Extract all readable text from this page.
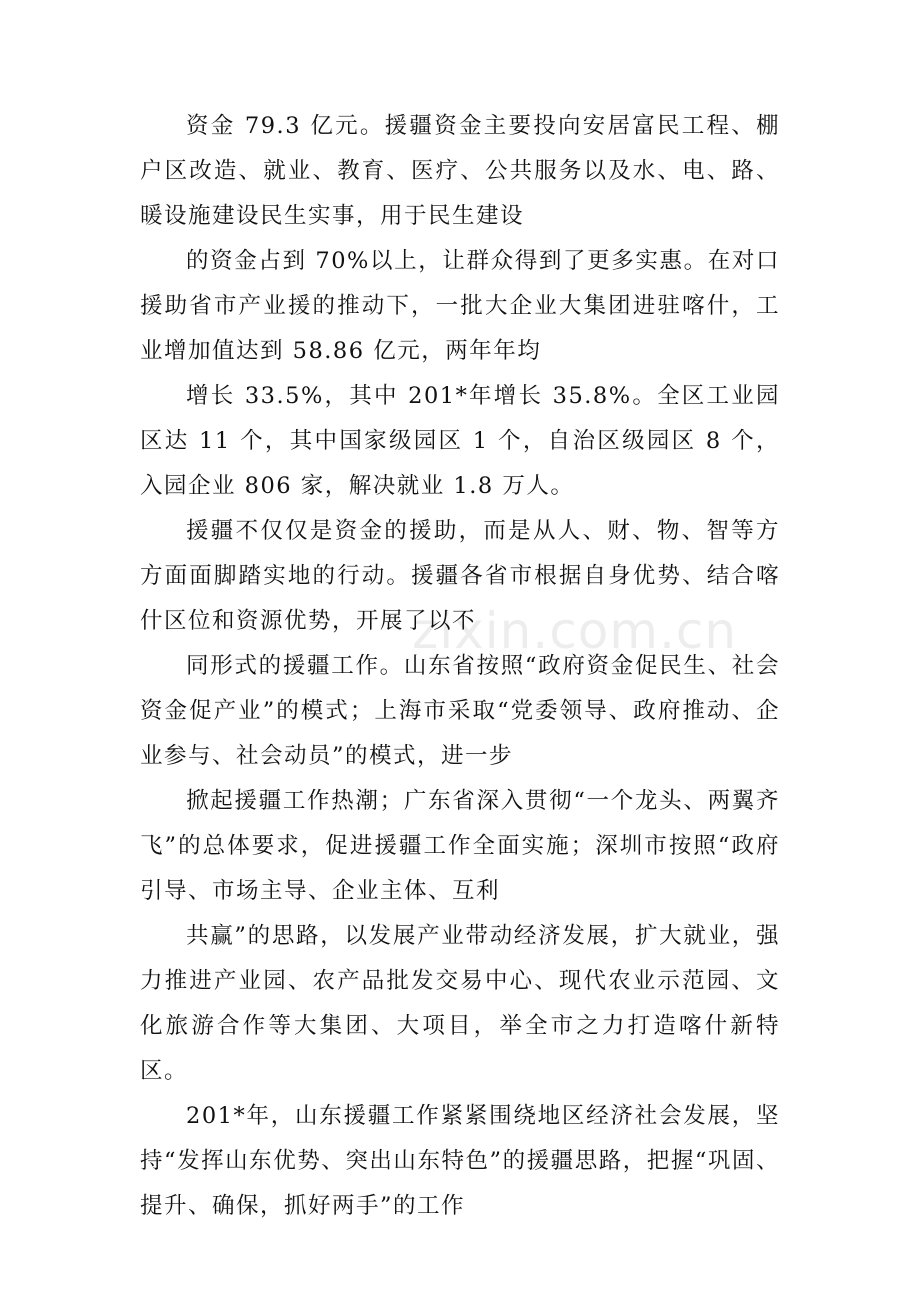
资金 79.3 亿元。援疆资金主要投向安居富民工程、棚户区改造、就业、教育、医疗、公共服务以及水、电、路、暖设施建设民生实事，用于民生建设

的资金占到 70%以上，让群众得到了更多实惠。在对口援助省市产业援的推动下，一批大企业大集团进驻喀什，工业增加值达到 58.86 亿元，两年年均

增长 33.5%，其中 201*年增长 35.8%。全区工业园区达 11 个，其中国家级园区 1 个，自治区级园区 8 个，入园企业 806 家，解决就业 1.8 万人。

援疆不仅仅是资金的援助，而是从人、财、物、智等方方面面脚踏实地的行动。援疆各省市根据自身优势、结合喀什区位和资源优势，开展了以不

同形式的援疆工作。山东省按照“政府资金促民生、社会资金促产业”的模式；上海市采取“党委领导、政府推动、企业参与、社会动员”的模式，进一步

掀起援疆工作热潮；广东省深入贯彻“一个龙头、两翼齐飞”的总体要求，促进援疆工作全面实施；深圳市按照“政府引导、市场主导、企业主体、互利

共赢”的思路，以发展产业带动经济发展，扩大就业，强力推进产业园、农产品批发交易中心、现代农业示范园、文化旅游合作等大集团、大项目，举全市之力打造喀什新特区。

201*年，山东援疆工作紧紧围绕地区经济社会发展，坚持“发挥山东优势、突出山东特色”的援疆思路，把握“巩固、提升、确保，抓好两手”的工作

zixin.com.cn
